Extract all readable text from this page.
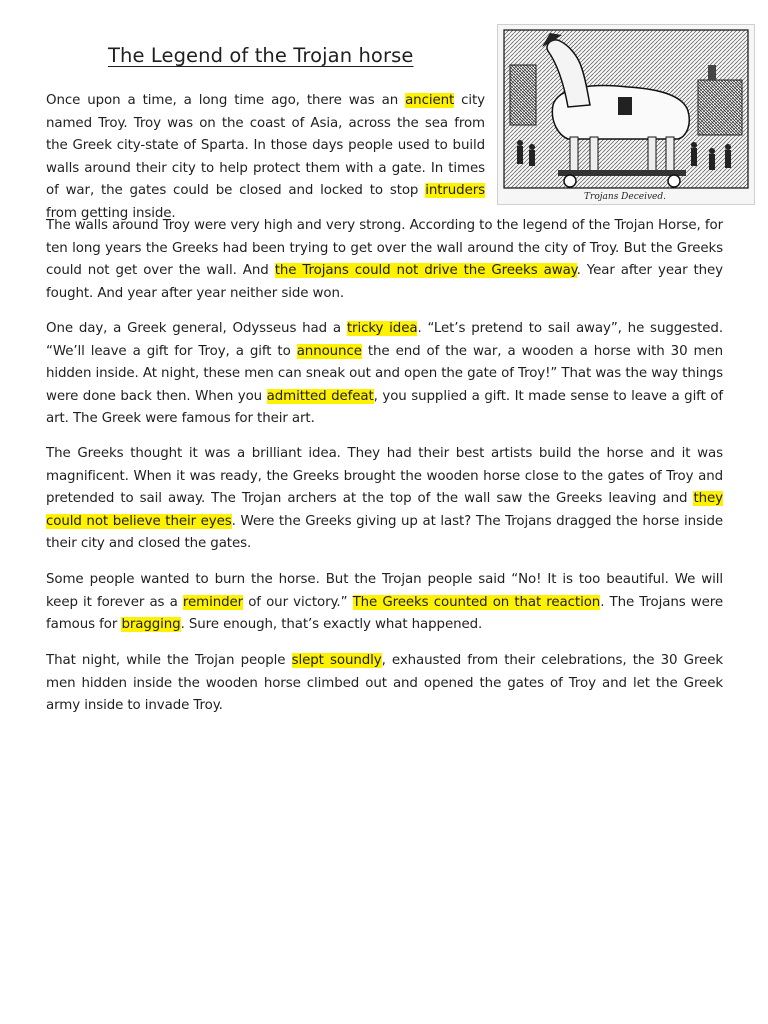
The Legend of the Trojan horse
Trojans Deceived.

Once upon a time, a long time ago, there was an ancient city named Troy. Troy was on the coast of Asia, across the sea from the Greek city-state of Sparta. In those days people used to build walls around their city to help protect them with a gate. In times of war, the gates could be closed and locked to stop intruders from getting inside.

The walls around Troy were very high and very strong. According to the legend of the Trojan Horse, for ten long years the Greeks had been trying to get over the wall around the city of Troy. But the Greeks could not get over the wall. And the Trojans could not drive the Greeks away. Year after year they fought. And year after year neither side won.

One day, a Greek general, Odysseus had a tricky idea. “Let’s pretend to sail away”, he suggested. “We’ll leave a gift for Troy, a gift to announce the end of the war, a wooden a horse with 30 men hidden inside. At night, these men can sneak out and open the gate of Troy!” That was the way things were done back then. When you admitted defeat, you supplied a gift. It made sense to leave a gift of art. The Greek were famous for their art.

The Greeks thought it was a brilliant idea. They had their best artists build the horse and it was magnificent. When it was ready, the Greeks brought the wooden horse close to the gates of Troy and pretended to sail away. The Trojan archers at the top of the wall saw the Greeks leaving and they could not believe their eyes. Were the Greeks giving up at last? The Trojans dragged the horse inside their city and closed the gates.

Some people wanted to burn the horse. But the Trojan people said “No! It is too beautiful. We will keep it forever as a reminder of our victory.” The Greeks counted on that reaction. The Trojans were famous for bragging. Sure enough, that’s exactly what happened.

That night, while the Trojan people slept soundly, exhausted from their celebrations, the 30 Greek men hidden inside the wooden horse climbed out and opened the gates of Troy and let the Greek army inside to invade Troy.
